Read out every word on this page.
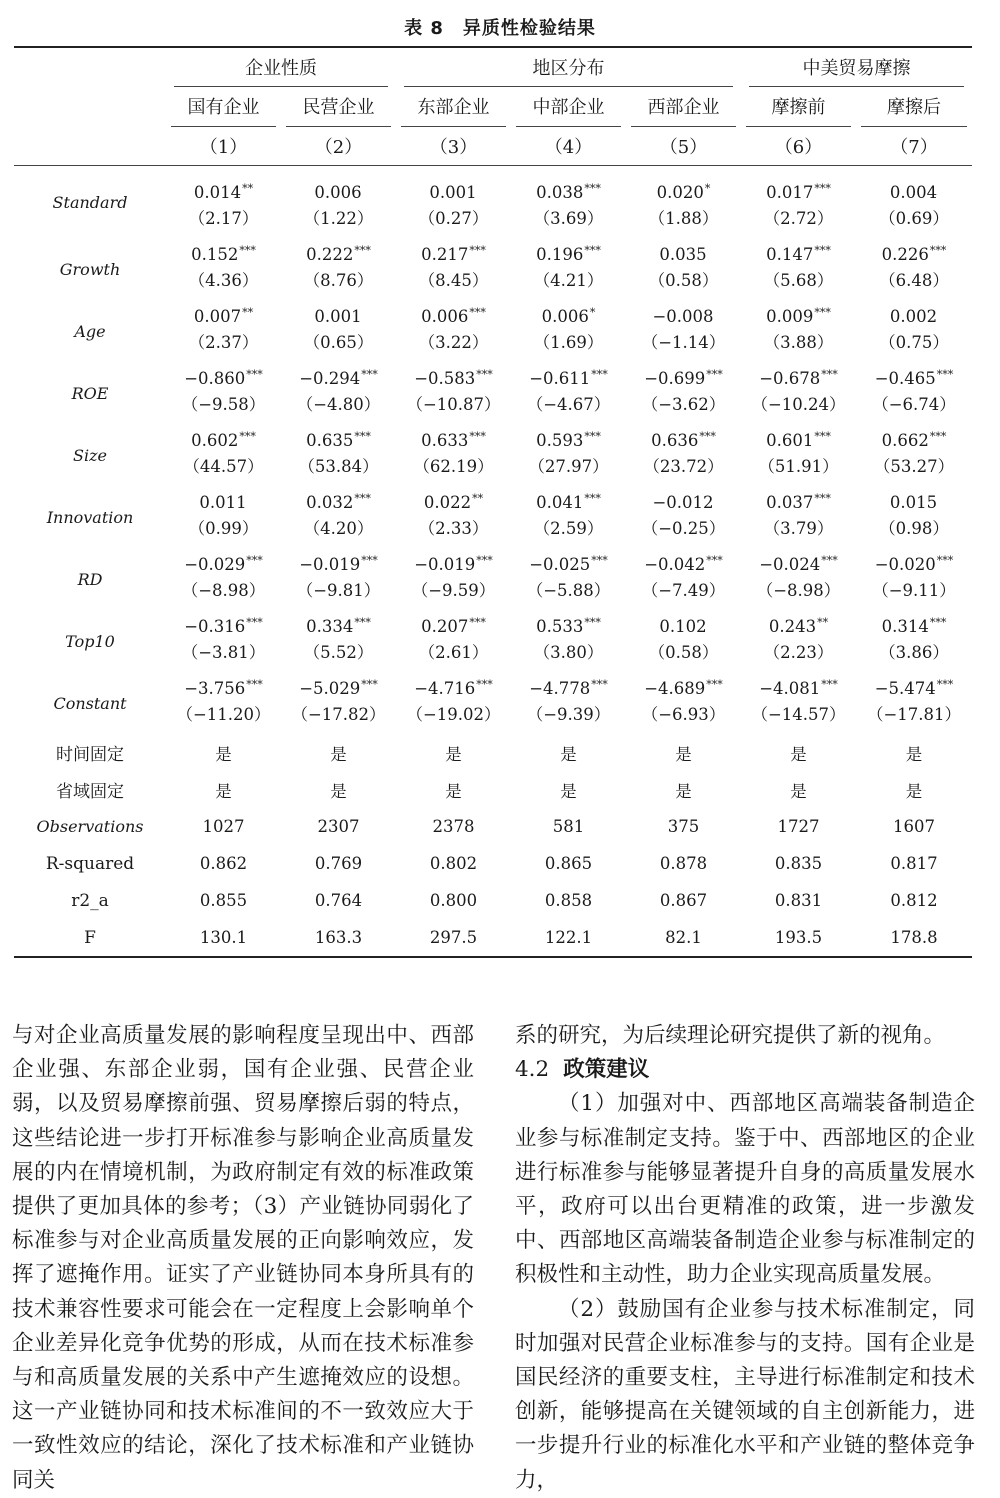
表 8　异质性检验结果

	企业性质		地区分布			中美贸易摩擦	

	国有企业	民营企业	东部企业	中部企业	西部企业	摩擦前	摩擦后

	（1）	（2）	（3）	（4）	（5）	（6）	（7）
Standard	0.014**	0.006	0.001	0.038***	0.020*	0.017***	0.004
	（2.17）	（1.22）	（0.27）	（3.69）	（1.88）	（2.72）	（0.69）
Growth	0.152***	0.222***	0.217***	0.196***	0.035	0.147***	0.226***
	（4.36）	（8.76）	（8.45）	（4.21）	（0.58）	（5.68）	（6.48）
Age	0.007**	0.001	0.006***	0.006*	−0.008	0.009***	0.002
	（2.37）	（0.65）	（3.22）	（1.69）	（−1.14）	（3.88）	（0.75）
ROE	−0.860***	−0.294***	−0.583***	−0.611***	−0.699***	−0.678***	−0.465***
	（−9.58）	（−4.80）	（−10.87）	（−4.67）	（−3.62）	（−10.24）	（−6.74）
Size	0.602***	0.635***	0.633***	0.593***	0.636***	0.601***	0.662***
	（44.57）	（53.84）	（62.19）	（27.97）	（23.72）	（51.91）	（53.27）
Innovation	0.011	0.032***	0.022**	0.041***	−0.012	0.037***	0.015
	（0.99）	（4.20）	（2.33）	（2.59）	（−0.25）	（3.79）	（0.98）
RD	−0.029***	−0.019***	−0.019***	−0.025***	−0.042***	−0.024***	−0.020***
	（−8.98）	（−9.81）	（−9.59）	（−5.88）	（−7.49）	（−8.98）	（−9.11）
Top10	−0.316***	0.334***	0.207***	0.533***	0.102	0.243**	0.314***
	（−3.81）	（5.52）	（2.61）	（3.80）	（0.58）	（2.23）	（3.86）
Constant	−3.756***	−5.029***	−4.716***	−4.778***	−4.689***	−4.081***	−5.474***
	（−11.20）	（−17.82）	（−19.02）	（−9.39）	（−6.93）	（−14.57）	（−17.81）
时间固定	是	是	是	是	是	是	是
省域固定	是	是	是	是	是	是	是
Observations	1027	2307	2378	581	375	1727	1607
R-squared	0.862	0.769	0.802	0.865	0.878	0.835	0.817
r2_a	0.855	0.764	0.800	0.858	0.867	0.831	0.812
F	130.1	163.3	297.5	122.1	82.1	193.5	178.8

与对企业高质量发展的影响程度呈现出中、西部企业强、东部企业弱，国有企业强、民营企业弱，以及贸易摩擦前强、贸易摩擦后弱的特点，这些结论进一步打开标准参与影响企业高质量发展的内在情境机制，为政府制定有效的标准政策提供了更加具体的参考；（3）产业链协同弱化了标准参与对企业高质量发展的正向影响效应，发挥了遮掩作用。证实了产业链协同本身所具有的技术兼容性要求可能会在一定程度上会影响单个企业差异化竞争优势的形成，从而在技术标准参与和高质量发展的关系中产生遮掩效应的设想。这一产业链协同和技术标准间的不一致效应大于一致性效应的结论，深化了技术标准和产业链协同关

系的研究，为后续理论研究提供了新的视角。

4.2 政策建议

（1）加强对中、西部地区高端装备制造企业参与标准制定支持。鉴于中、西部地区的企业进行标准参与能够显著提升自身的高质量发展水平，政府可以出台更精准的政策，进一步激发中、西部地区高端装备制造企业参与标准制定的积极性和主动性，助力企业实现高质量发展。

（2）鼓励国有企业参与技术标准制定，同时加强对民营企业标准参与的支持。国有企业是国民经济的重要支柱，主导进行标准制定和技术创新，能够提高在关键领域的自主创新能力，进一步提升行业的标准化水平和产业链的整体竞争力，
